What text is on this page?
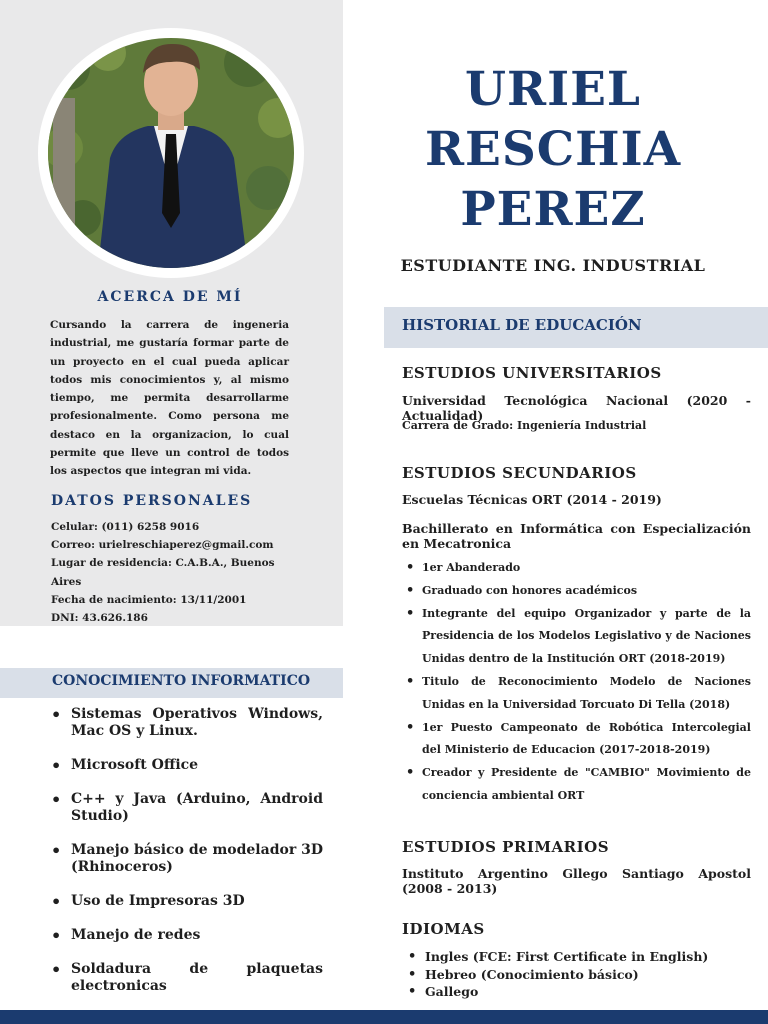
ACERCA DE MÍ

Cursando la carrera de ingeneria industrial, me gustaría formar parte de un proyecto en el cual pueda aplicar todos mis conocimientos y, al mismo tiempo, me permita desarrollarme profesionalmente. Como persona me destaco en la organizacion, lo cual permite que lleve un control de todos los aspectos que integran mi vida.

DATOS PERSONALES
Celular: (011) 6258 9016
Correo: urielreschiaperez@gmail.com
Lugar de residencia: C.A.B.A., Buenos Aires
Fecha de nacimiento: 13/11/2001
DNI: 43.626.186
CONOCIMIENTO INFORMATICO
• Sistemas Operativos Windows, Mac OS y Linux.
• Microsoft Office
• C++ y Java (Arduino, Android Studio)
• Manejo básico de modelador 3D (Rhinoceros)
• Uso de Impresoras 3D
• Manejo de redes
• Soldadura de plaquetas electronicas
URIEL
RESCHIA
PEREZ
ESTUDIANTE ING. INDUSTRIAL
HISTORIAL DE EDUCACIÓN
ESTUDIOS UNIVERSITARIOS
Universidad Tecnológica Nacional (2020 - Actualidad)
Carrera de Grado: Ingeniería Industrial
ESTUDIOS SECUNDARIOS
Escuelas Técnicas ORT (2014 - 2019)
Bachillerato en Informática con Especialización en Mecatronica
• 1er Abanderado
• Graduado con honores académicos
• Integrante del equipo Organizador y parte de la Presidencia de los Modelos Legislativo y de Naciones Unidas dentro de la Institución ORT (2018-2019)
• Titulo de Reconocimiento Modelo de Naciones Unidas en la Universidad Torcuato Di Tella (2018)
• 1er Puesto Campeonato de Robótica Intercolegial del Ministerio de Educacion (2017-2018-2019)
• Creador y Presidente de "CAMBIO" Movimiento de conciencia ambiental ORT
ESTUDIOS PRIMARIOS
Instituto Argentino Gllego Santiago Apostol (2008 - 2013)
IDIOMAS
• Ingles (FCE: First Certificate in English)
• Hebreo (Conocimiento básico)
• Gallego
